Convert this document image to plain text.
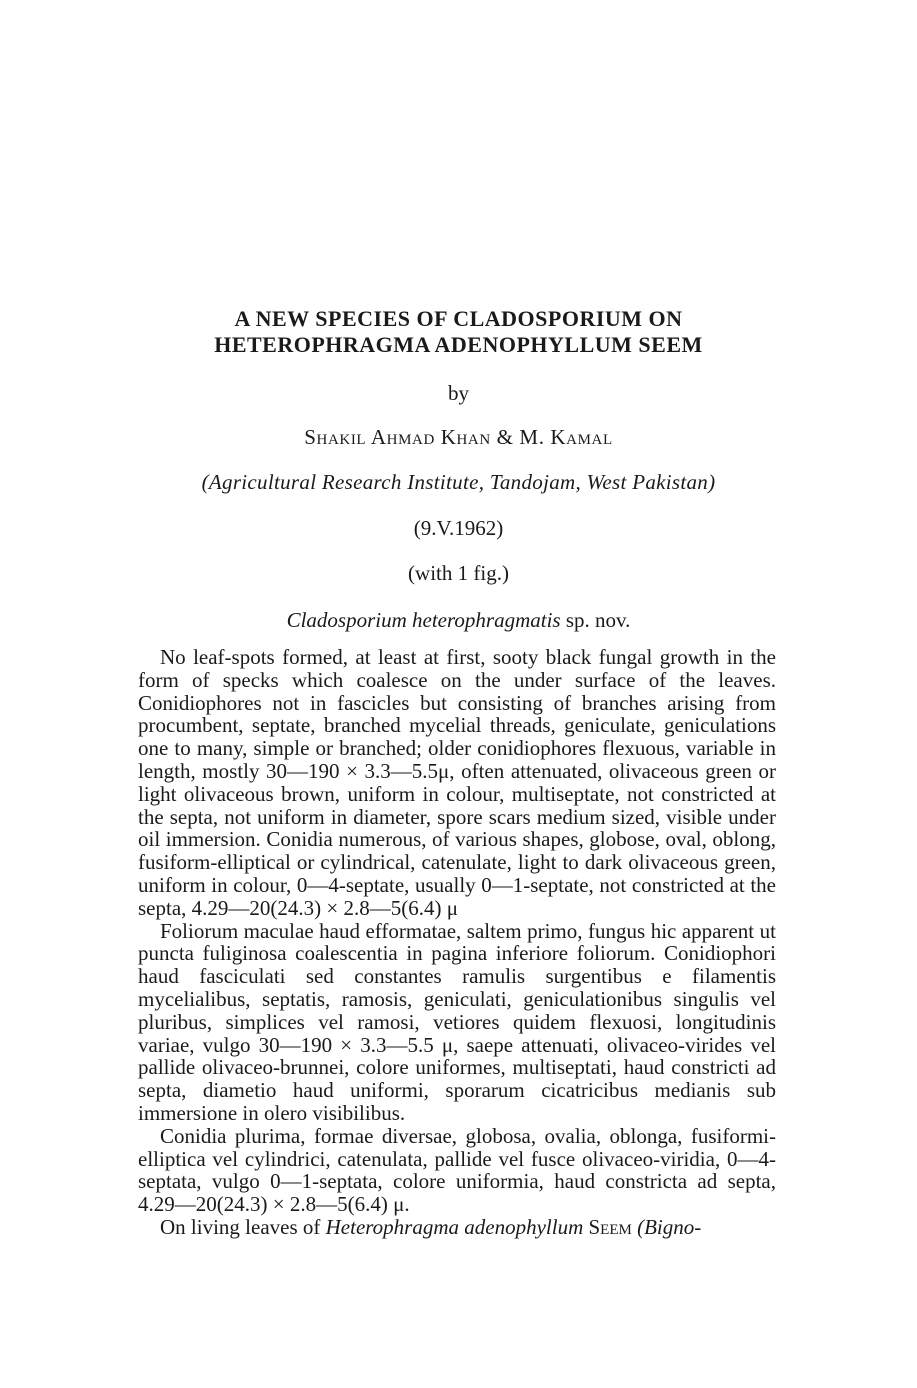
A NEW SPECIES OF CLADOSPORIUM ON
HETEROPHRAGMA ADENOPHYLLUM SEEM
by
Shakil Ahmad Khan & M. Kamal
(Agricultural Research Institute, Tandojam, West Pakistan)
(9.V.1962)
(with 1 fig.)
Cladosporium heterophragmatis sp. nov.

No leaf-spots formed, at least at first, sooty black fungal growth in the form of specks which coalesce on the under surface of the leaves. Conidiophores not in fascicles but consisting of branches arising from procumbent, septate, branched mycelial threads, geniculate, geniculations one to many, simple or branched; older conidiophores flexuous, variable in length, mostly 30—190 × 3.3—5.5μ, often attenuated, olivaceous green or light olivaceous brown, uniform in colour, multiseptate, not constricted at the septa, not uniform in diameter, spore scars medium sized, visible under oil immersion. Conidia numerous, of various shapes, globose, oval, oblong, fusiform-elliptical or cylindrical, catenulate, light to dark olivaceous green, uniform in colour, 0—4-septate, usually 0—1-septate, not constricted at the septa, 4.29—20(24.3) × 2.8—5(6.4) μ

Foliorum maculae haud efformatae, saltem primo, fungus hic apparent ut puncta fuliginosa coalescentia in pagina inferiore foliorum. Conidiophori haud fasciculati sed constantes ramulis surgentibus e filamentis mycelialibus, septatis, ramosis, geniculati, geniculationibus singulis vel pluribus, simplices vel ramosi, vetiores quidem flexuosi, longitudinis variae, vulgo 30—190 × 3.3—5.5 μ, saepe attenuati, olivaceo-virides vel pallide olivaceo-brunnei, colore uniformes, multiseptati, haud constricti ad septa, diametio haud uniformi, sporarum cicatricibus medianis sub immersione in olero visibilibus.

Conidia plurima, formae diversae, globosa, ovalia, oblonga, fusiformi-elliptica vel cylindrici, catenulata, pallide vel fusce olivaceo-viridia, 0—4-septata, vulgo 0—1-septata, colore uniformia, haud constricta ad septa, 4.29—20(24.3) × 2.8—5(6.4) μ.

On living leaves of Heterophragma adenophyllum Seem (Bigno-
